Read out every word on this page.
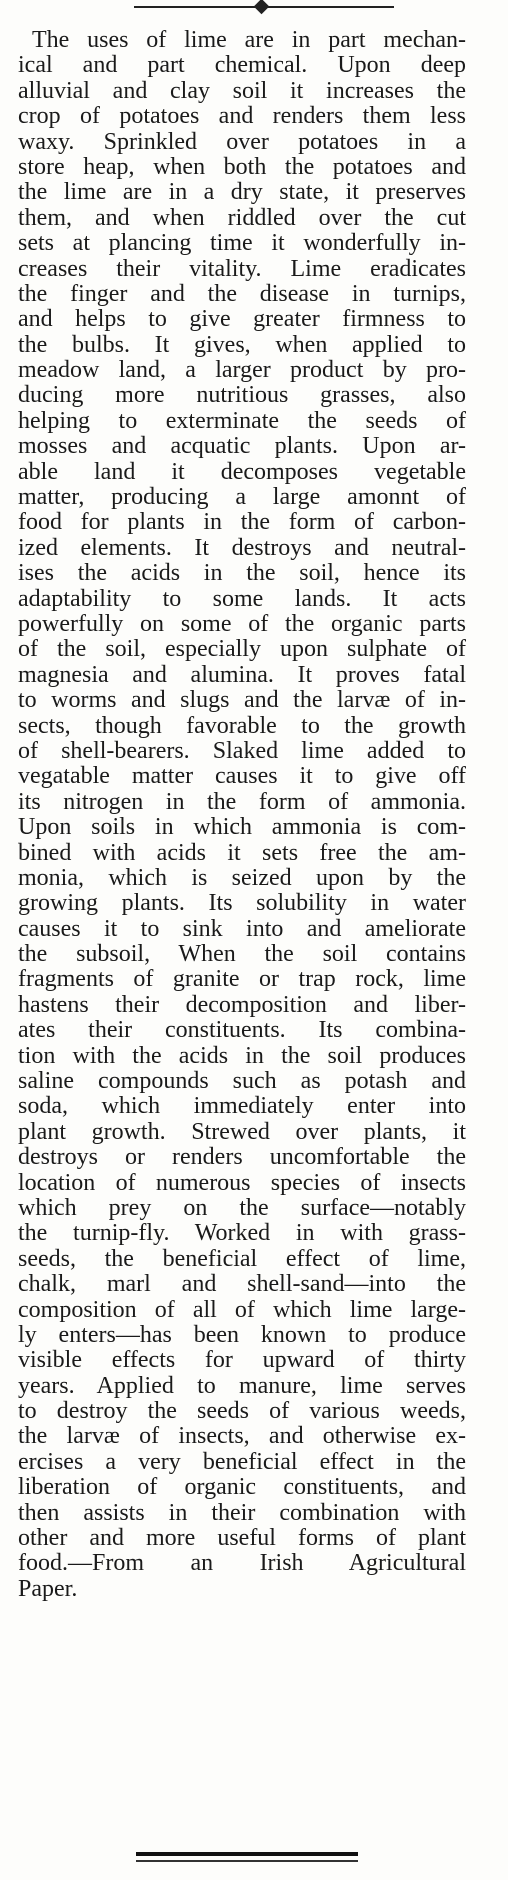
The uses of lime are in part mechan-
ical and part chemical. Upon deep
alluvial and clay soil it increases the
crop of potatoes and renders them less
waxy. Sprinkled over potatoes in a
store heap, when both the potatoes and
the lime are in a dry state, it preserves
them, and when riddled over the cut
sets at plancing time it wonderfully in-
creases their vitality. Lime eradicates
the finger and the disease in turnips,
and helps to give greater firmness to
the bulbs. It gives, when applied to
meadow land, a larger product by pro-
ducing more nutritious grasses, also
helping to exterminate the seeds of
mosses and acquatic plants. Upon ar-
able land it decomposes vegetable
matter, producing a large amonnt of
food for plants in the form of carbon-
ized elements. It destroys and neutral-
ises the acids in the soil, hence its
adaptability to some lands. It acts
powerfully on some of the organic parts
of the soil, especially upon sulphate of
magnesia and alumina. It proves fatal
to worms and slugs and the larvæ of in-
sects, though favorable to the growth
of shell-bearers. Slaked lime added to
vegatable matter causes it to give off
its nitrogen in the form of ammonia.
Upon soils in which ammonia is com-
bined with acids it sets free the am-
monia, which is seized upon by the
growing plants. Its solubility in water
causes it to sink into and ameliorate
the subsoil, When the soil contains
fragments of granite or trap rock, lime
hastens their decomposition and liber-
ates their constituents. Its combina-
tion with the acids in the soil produces
saline compounds such as potash and
soda, which immediately enter into
plant growth. Strewed over plants, it
destroys or renders uncomfortable the
location of numerous species of insects
which prey on the surface—notably
the turnip-fly. Worked in with grass-
seeds, the beneficial effect of lime,
chalk, marl and shell-sand—into the
composition of all of which lime large-
ly enters—has been known to produce
visible effects for upward of thirty
years. Applied to manure, lime serves
to destroy the seeds of various weeds,
the larvæ of insects, and otherwise ex-
ercises a very beneficial effect in the
liberation of organic constituents, and
then assists in their combination with
other and more useful forms of plant
food.—From an Irish Agricultural
Paper.
